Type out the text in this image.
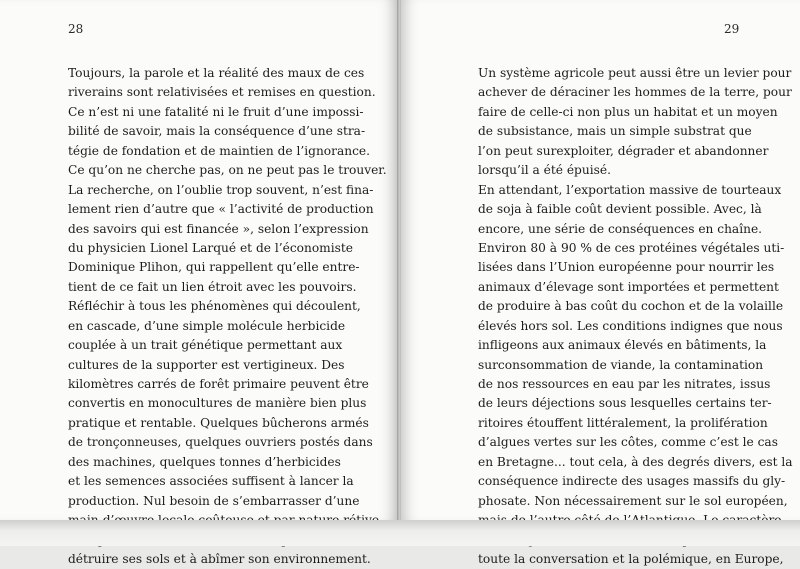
28
Toujours, la parole et la réalité des maux de ces
riverains sont relativisées et remises en question.
Ce n’est ni une fatalité ni le fruit d’une impossi-
bilité de savoir, mais la conséquence d’une stra-
tégie de fondation et de maintien de l’ignorance.
Ce qu’on ne cherche pas, on ne peut pas le trouver.
La recherche, on l’oublie trop souvent, n’est fina-
lement rien d’autre que « l’activité de production
des savoirs qui est financée », selon l’expression
du physicien Lionel Larqué et de l’économiste
Dominique Plihon, qui rappellent qu’elle entre-
tient de ce fait un lien étroit avec les pouvoirs.
Réfléchir à tous les phénomènes qui découlent,
en cascade, d’une simple molécule herbicide
couplée à un trait génétique permettant aux
cultures de la supporter est vertigineux. Des
kilomètres carrés de forêt primaire peuvent être
convertis en monocultures de manière bien plus
pratique et rentable. Quelques bûcherons armés
de tronçonneuses, quelques ouvriers postés dans
des machines, quelques tonnes d’herbicides
et les semences associées suffisent à lancer la
production. Nul besoin de s’embarrasser d’une
détruire ses sols et à abîmer son environnement.
29
Un système agricole peut aussi être un levier pour
achever de déraciner les hommes de la terre, pour
faire de celle-ci non plus un habitat et un moyen
de subsistance, mais un simple substrat que
l’on peut surexploiter, dégrader et abandonner
lorsqu’il a été épuisé.
En attendant, l’exportation massive de tourteaux
de soja à faible coût devient possible. Avec, là
encore, une série de conséquences en chaîne.
Environ 80 à 90 % de ces protéines végétales uti-
lisées dans l’Union européenne pour nourrir les
animaux d’élevage sont importées et permettent
de produire à bas coût du cochon et de la volaille
élevés hors sol. Les conditions indignes que nous
infligeons aux animaux élevés en bâtiments, la
surconsommation de viande, la contamination
de nos ressources en eau par les nitrates, issus
de leurs déjections sous lesquelles certains ter-
ritoires étouffent littéralement, la prolifération
d’algues vertes sur les côtes, comme c’est le cas
en Bretagne... tout cela, à des degrés divers, est la
conséquence indirecte des usages massifs du gly-
phosate. Non nécessairement sur le sol européen,
toute la conversation et la polémique, en Europe,
